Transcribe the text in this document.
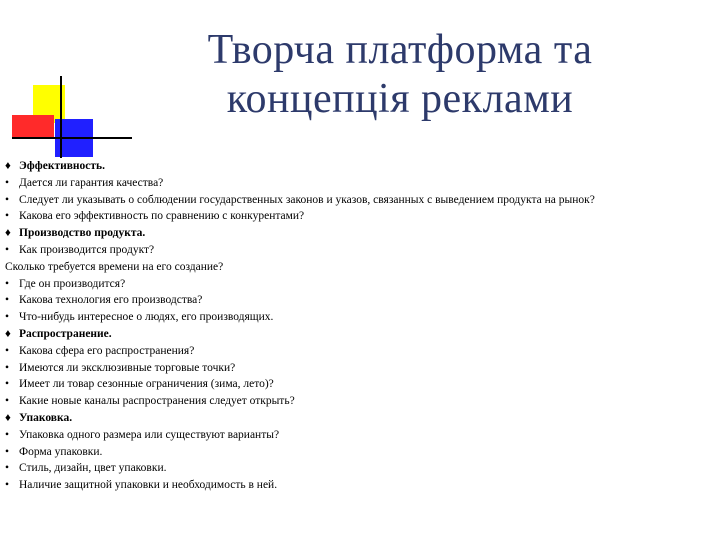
Творча платформа та
концепція реклами
♦ Эффективность.
• Дается ли гарантия качества?
• Следует ли указывать о соблюдении государственных законов и указов, связанных с выведением продукта на рынок?
• Какова его эффективность по сравнению с конкурентами?
♦ Производство продукта.
• Как производится продукт?
Сколько требуется времени на его создание?
• Где он производится?
• Какова технология его производства?
• Что-нибудь интересное о людях, его производящих.
♦ Распространение.
• Какова сфера его распространения?
• Имеются ли эксклюзивные торговые точки?
• Имеет ли товар сезонные ограничения (зима, лето)?
• Какие новые каналы распространения следует открыть?
♦ Упаковка.
• Упаковка одного размера или существуют варианты?
• Форма упаковки.
• Стиль, дизайн, цвет упаковки.
• Наличие защитной упаковки и необходимость в ней.
